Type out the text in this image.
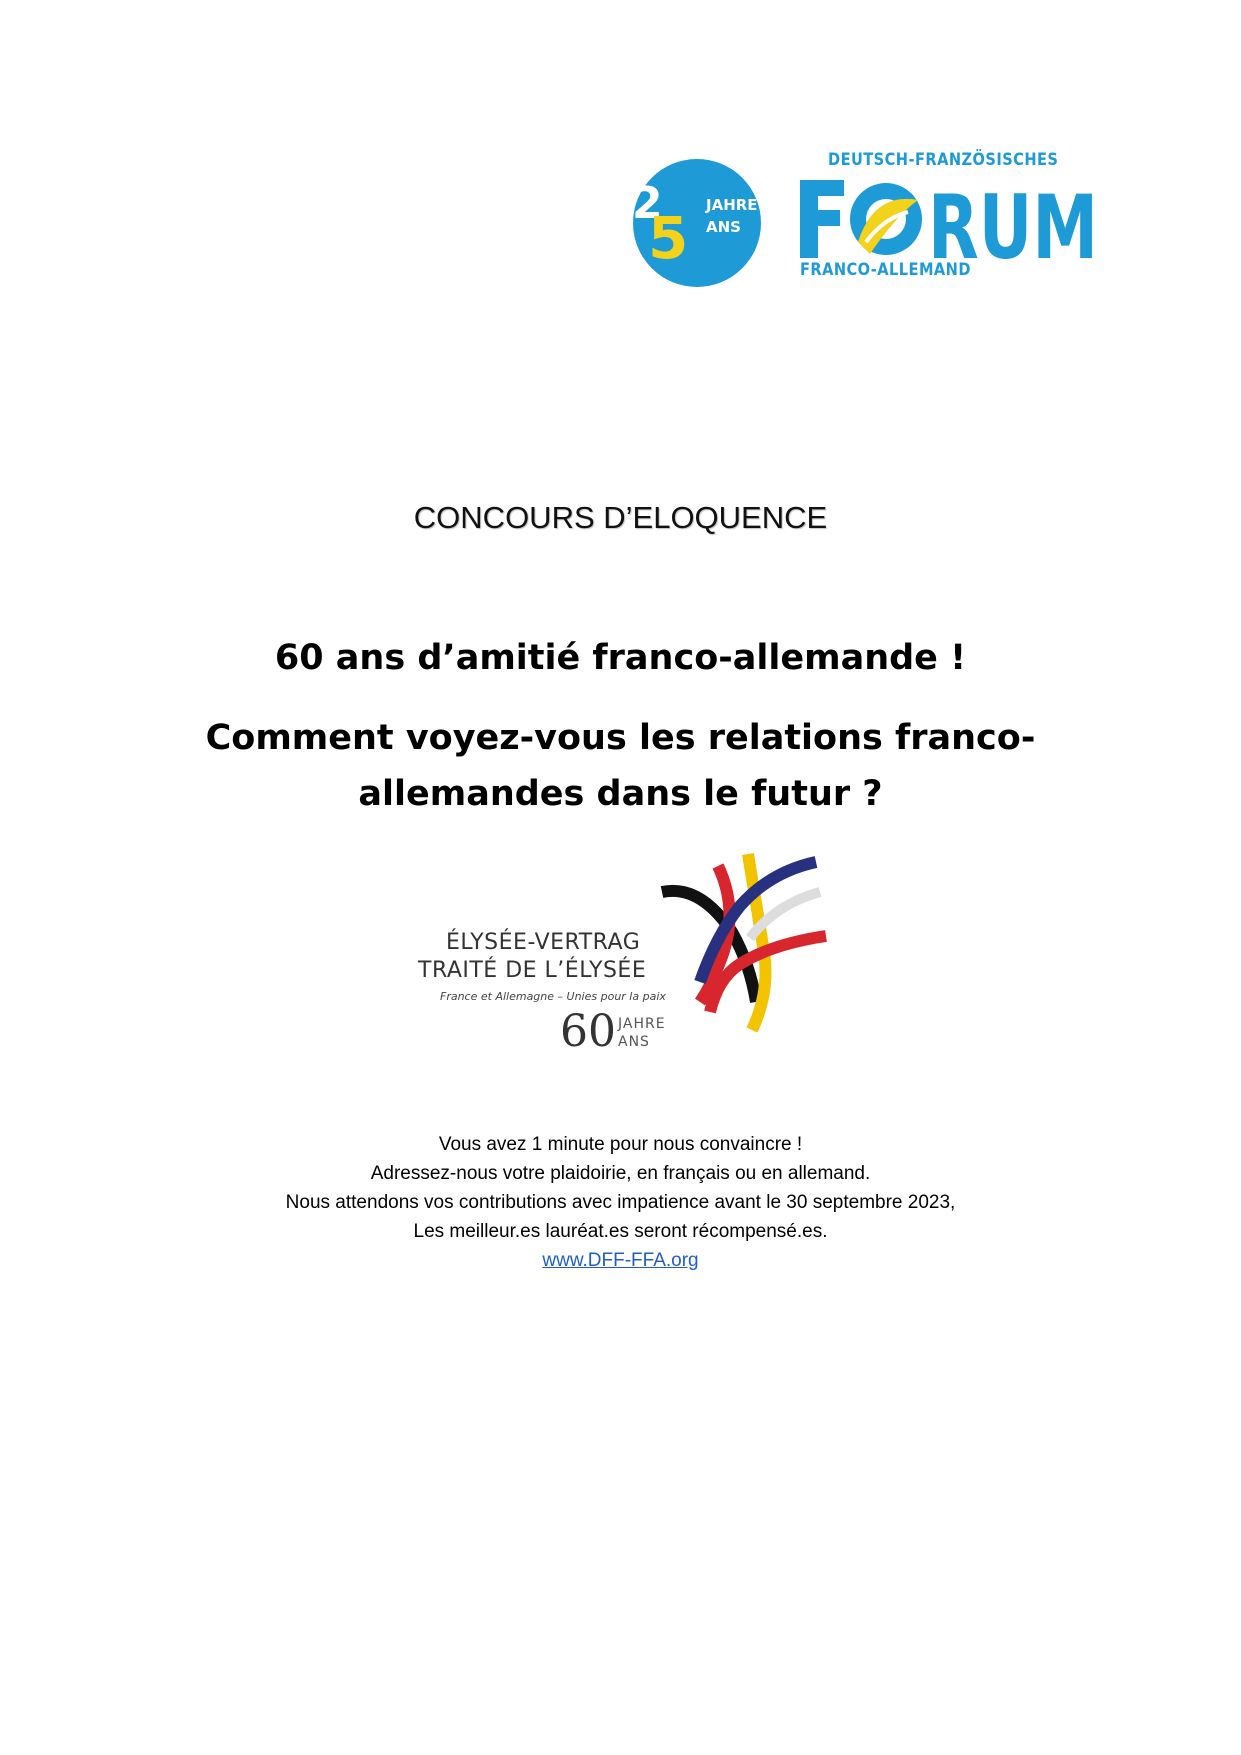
2
5 JAHRE
ANS
DEUTSCH-FRANZÖSISCHES
RUM
FRANCO-ALLEMAND
CONCOURS D’ELOQUENCE
60 ans d’amitié franco-allemande !
Comment voyez-vous les relations franco-
allemandes dans le futur ?
ÉLYSÉE-VERTRAG
TRAITÉ DE L’ÉLYSÉE
France et Allemagne – Unies pour la paix
60 JAHRE
ANS
Vous avez 1 minute pour nous convaincre !
Adressez-nous votre plaidoirie, en français ou en allemand.
Nous attendons vos contributions avec impatience avant le 30 septembre 2023,
Les meilleur.es lauréat.es seront récompensé.es.
www.DFF-FFA.org
